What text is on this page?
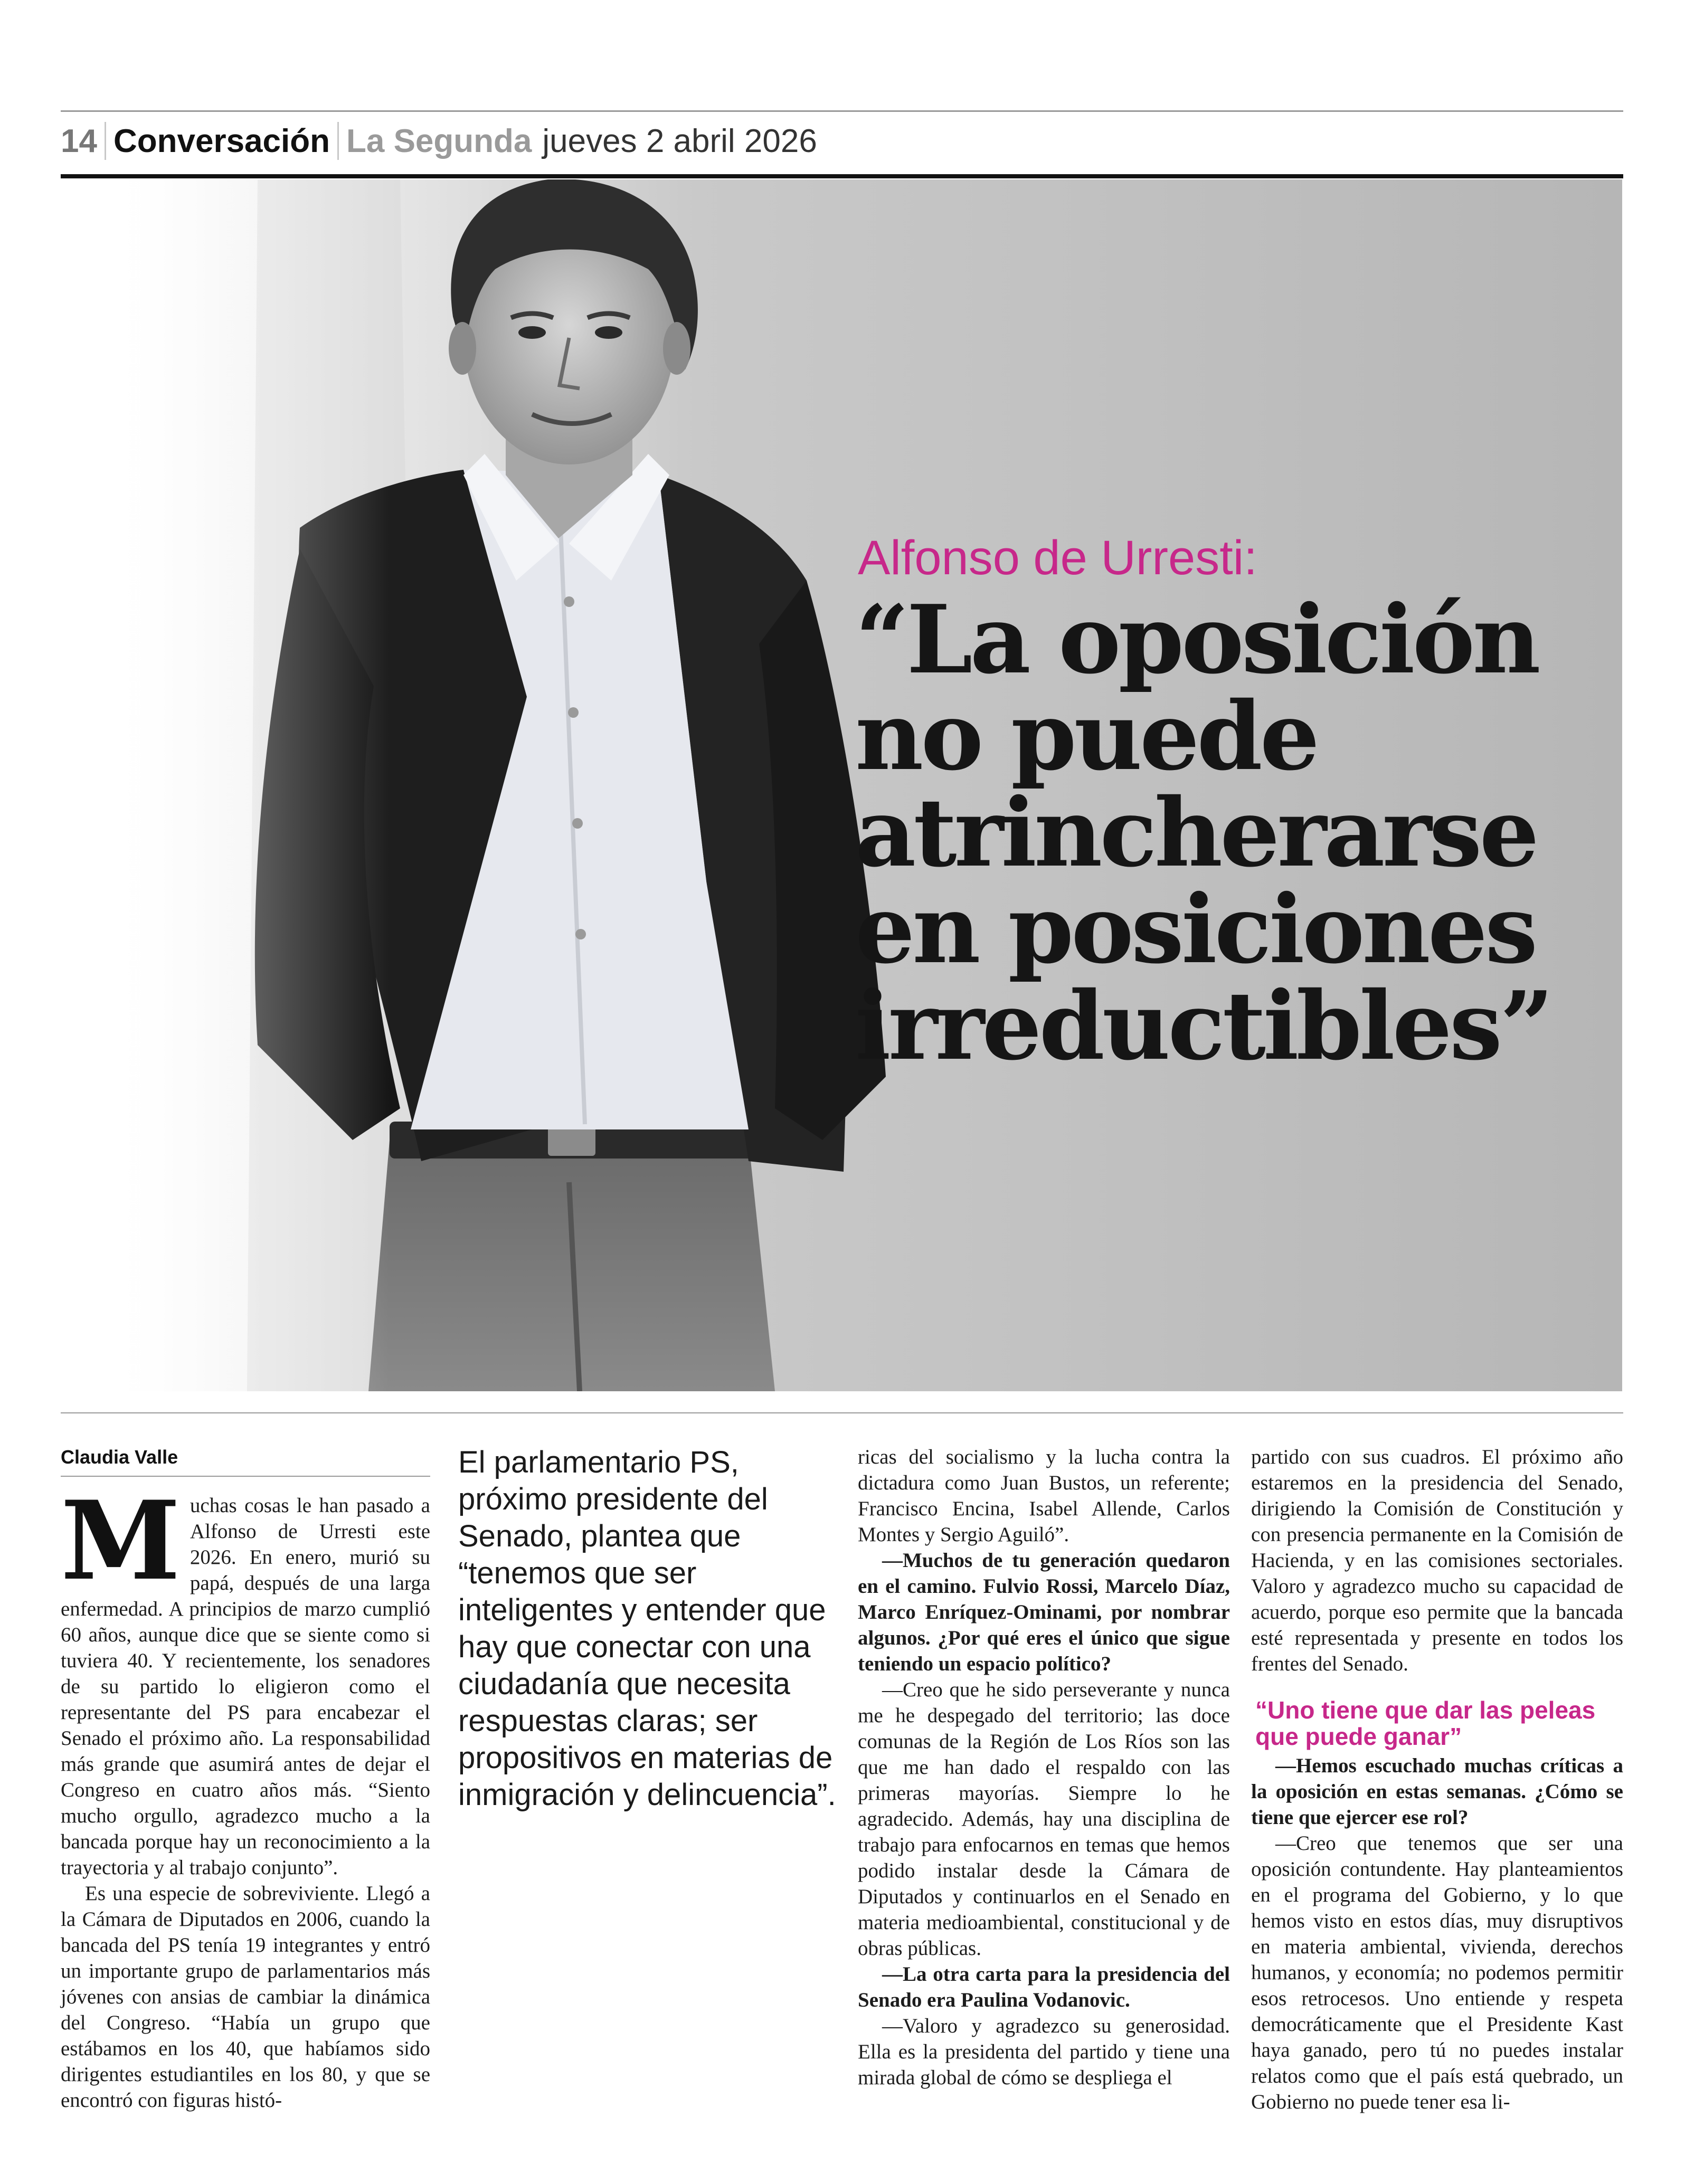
14 Conversación La Segunda jueves 2 abril 2026
Alfonso de Urresti:
“La oposición
no puede
atrincherarse
en posiciones
irreductibles”
Claudia Valle
M uchas cosas le han pasado a Alfonso de Urresti este 2026. En enero, murió su papá, después de una larga enfermedad. A principios de marzo cumplió 60 años, aunque dice que se siente como si tuviera 40. Y recientemente, los senadores de su partido lo eligieron como el representante del PS para encabezar el Senado el próximo año. La responsabilidad más grande que asumirá antes de dejar el Congreso en cuatro años más. “Siento mucho orgullo, agradezco mucho a la bancada porque hay un reconocimiento a la trayectoria y al trabajo conjunto”.

Es una especie de sobreviviente. Llegó a la Cámara de Diputados en 2006, cuando la bancada del PS tenía 19 integrantes y entró un importante grupo de parlamentarios más jóvenes con ansias de cambiar la dinámica del Congreso. “Había un grupo que estábamos en los 40, que habíamos sido dirigentes estudiantiles en los 80, y que se encontró con figuras histó-

El parlamentario PS, próximo presidente del Senado, plantea que “tenemos que ser inteligentes y entender que hay que conectar con una ciudadanía que necesita respuestas claras; ser propositivos en materias de inmigración y delincuencia”.

ricas del socialismo y la lucha contra la dictadura como Juan Bustos, un referente; Francisco Encina, Isabel Allende, Carlos Montes y Sergio Aguiló”.

—Muchos de tu generación quedaron en el camino. Fulvio Rossi, Marcelo Díaz, Marco Enríquez-Ominami, por nombrar algunos. ¿Por qué eres el único que sigue teniendo un espacio político?

—Creo que he sido perseverante y nunca me he despegado del territorio; las doce comunas de la Región de Los Ríos son las que me han dado el respaldo con las primeras mayorías. Siempre lo he agradecido. Además, hay una disciplina de trabajo para enfocarnos en temas que hemos podido instalar desde la Cámara de Diputados y continuarlos en el Senado en materia medioambiental, constitucional y de obras públicas.

—La otra carta para la presidencia del Senado era Paulina Vodanovic.

—Valoro y agradezco su generosidad. Ella es la presidenta del partido y tiene una mirada global de cómo se despliega el

partido con sus cuadros. El próximo año estaremos en la presidencia del Senado, dirigiendo la Comisión de Constitución y con presencia permanente en la Comisión de Hacienda, y en las comisiones sectoriales. Valoro y agradezco mucho su capacidad de acuerdo, porque eso permite que la bancada esté representada y presente en todos los frentes del Senado.

“Uno tiene que dar las peleas que puede ganar”

—Hemos escuchado muchas críticas a la oposición en estas semanas. ¿Cómo se tiene que ejercer ese rol?

—Creo que tenemos que ser una oposición contundente. Hay planteamientos en el programa del Gobierno, y lo que hemos visto en estos días, muy disruptivos en materia ambiental, vivienda, derechos humanos, y economía; no podemos permitir esos retrocesos. Uno entiende y respeta democráticamente que el Presidente Kast haya ganado, pero tú no puedes instalar relatos como que el país está quebrado, un Gobierno no puede tener esa li-
